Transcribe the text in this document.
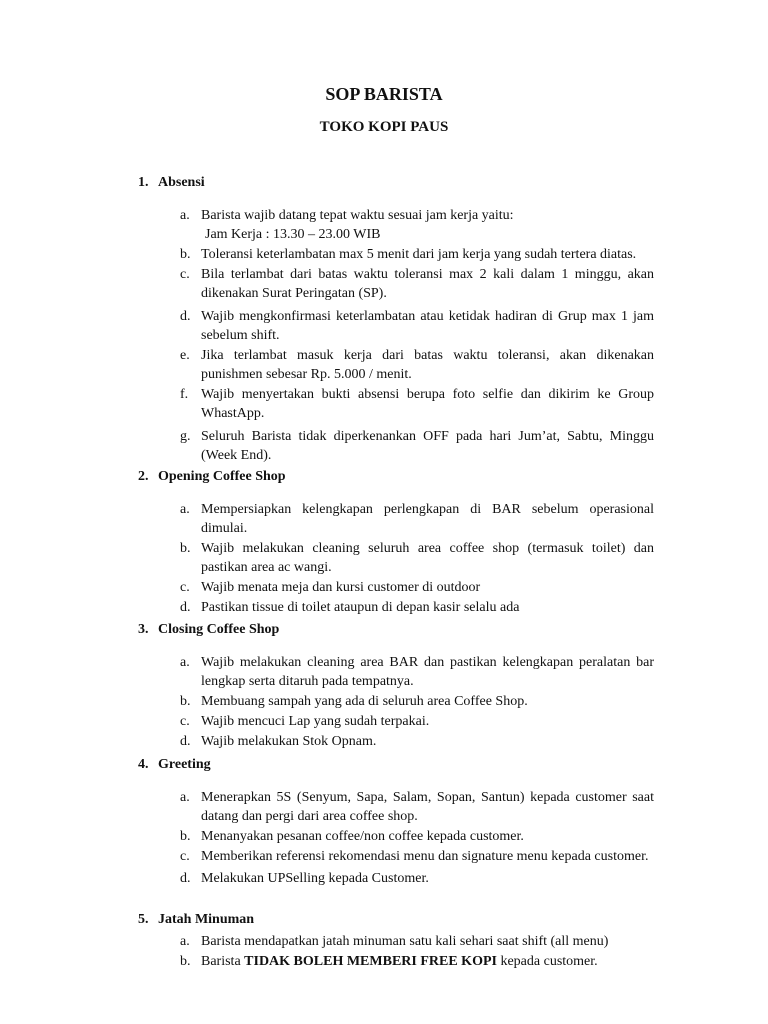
SOP BARISTA
TOKO KOPI PAUS
1. Absensi
a. Barista wajib datang tepat waktu sesuai jam kerja yaitu:
Jam Kerja : 13.30 – 23.00 WIB
b. Toleransi keterlambatan max 5 menit dari jam kerja yang sudah tertera diatas.
c. Bila terlambat dari batas waktu toleransi max 2 kali dalam 1 minggu, akan dikenakan Surat Peringatan (SP).
d. Wajib mengkonfirmasi keterlambatan atau ketidak hadiran di Grup max 1 jam sebelum shift.
e. Jika terlambat masuk kerja dari batas waktu toleransi, akan dikenakan punishmen sebesar Rp. 5.000 / menit.
f. Wajib menyertakan bukti absensi berupa foto selfie dan dikirim ke Group WhastApp.
g. Seluruh Barista tidak diperkenankan OFF pada hari Jum’at, Sabtu, Minggu (Week End).
2. Opening Coffee Shop
a. Mempersiapkan kelengkapan perlengkapan di BAR sebelum operasional dimulai.
b. Wajib melakukan cleaning seluruh area coffee shop (termasuk toilet) dan pastikan area ac wangi.
c. Wajib menata meja dan kursi customer di outdoor
d. Pastikan tissue di toilet ataupun di depan kasir selalu ada
3. Closing Coffee Shop
a. Wajib melakukan cleaning area BAR dan pastikan kelengkapan peralatan bar lengkap serta ditaruh pada tempatnya.
b. Membuang sampah yang ada di seluruh area Coffee Shop.
c. Wajib mencuci Lap yang sudah terpakai.
d. Wajib melakukan Stok Opnam.
4. Greeting
a. Menerapkan 5S (Senyum, Sapa, Salam, Sopan, Santun) kepada customer saat datang dan pergi dari area coffee shop.
b. Menanyakan pesanan coffee/non coffee kepada customer.
c. Memberikan referensi rekomendasi menu dan signature menu kepada customer.
d. Melakukan UPSelling kepada Customer.
5. Jatah Minuman
a. Barista mendapatkan jatah minuman satu kali sehari saat shift (all menu)
b. Barista TIDAK BOLEH MEMBERI FREE KOPI kepada customer.
